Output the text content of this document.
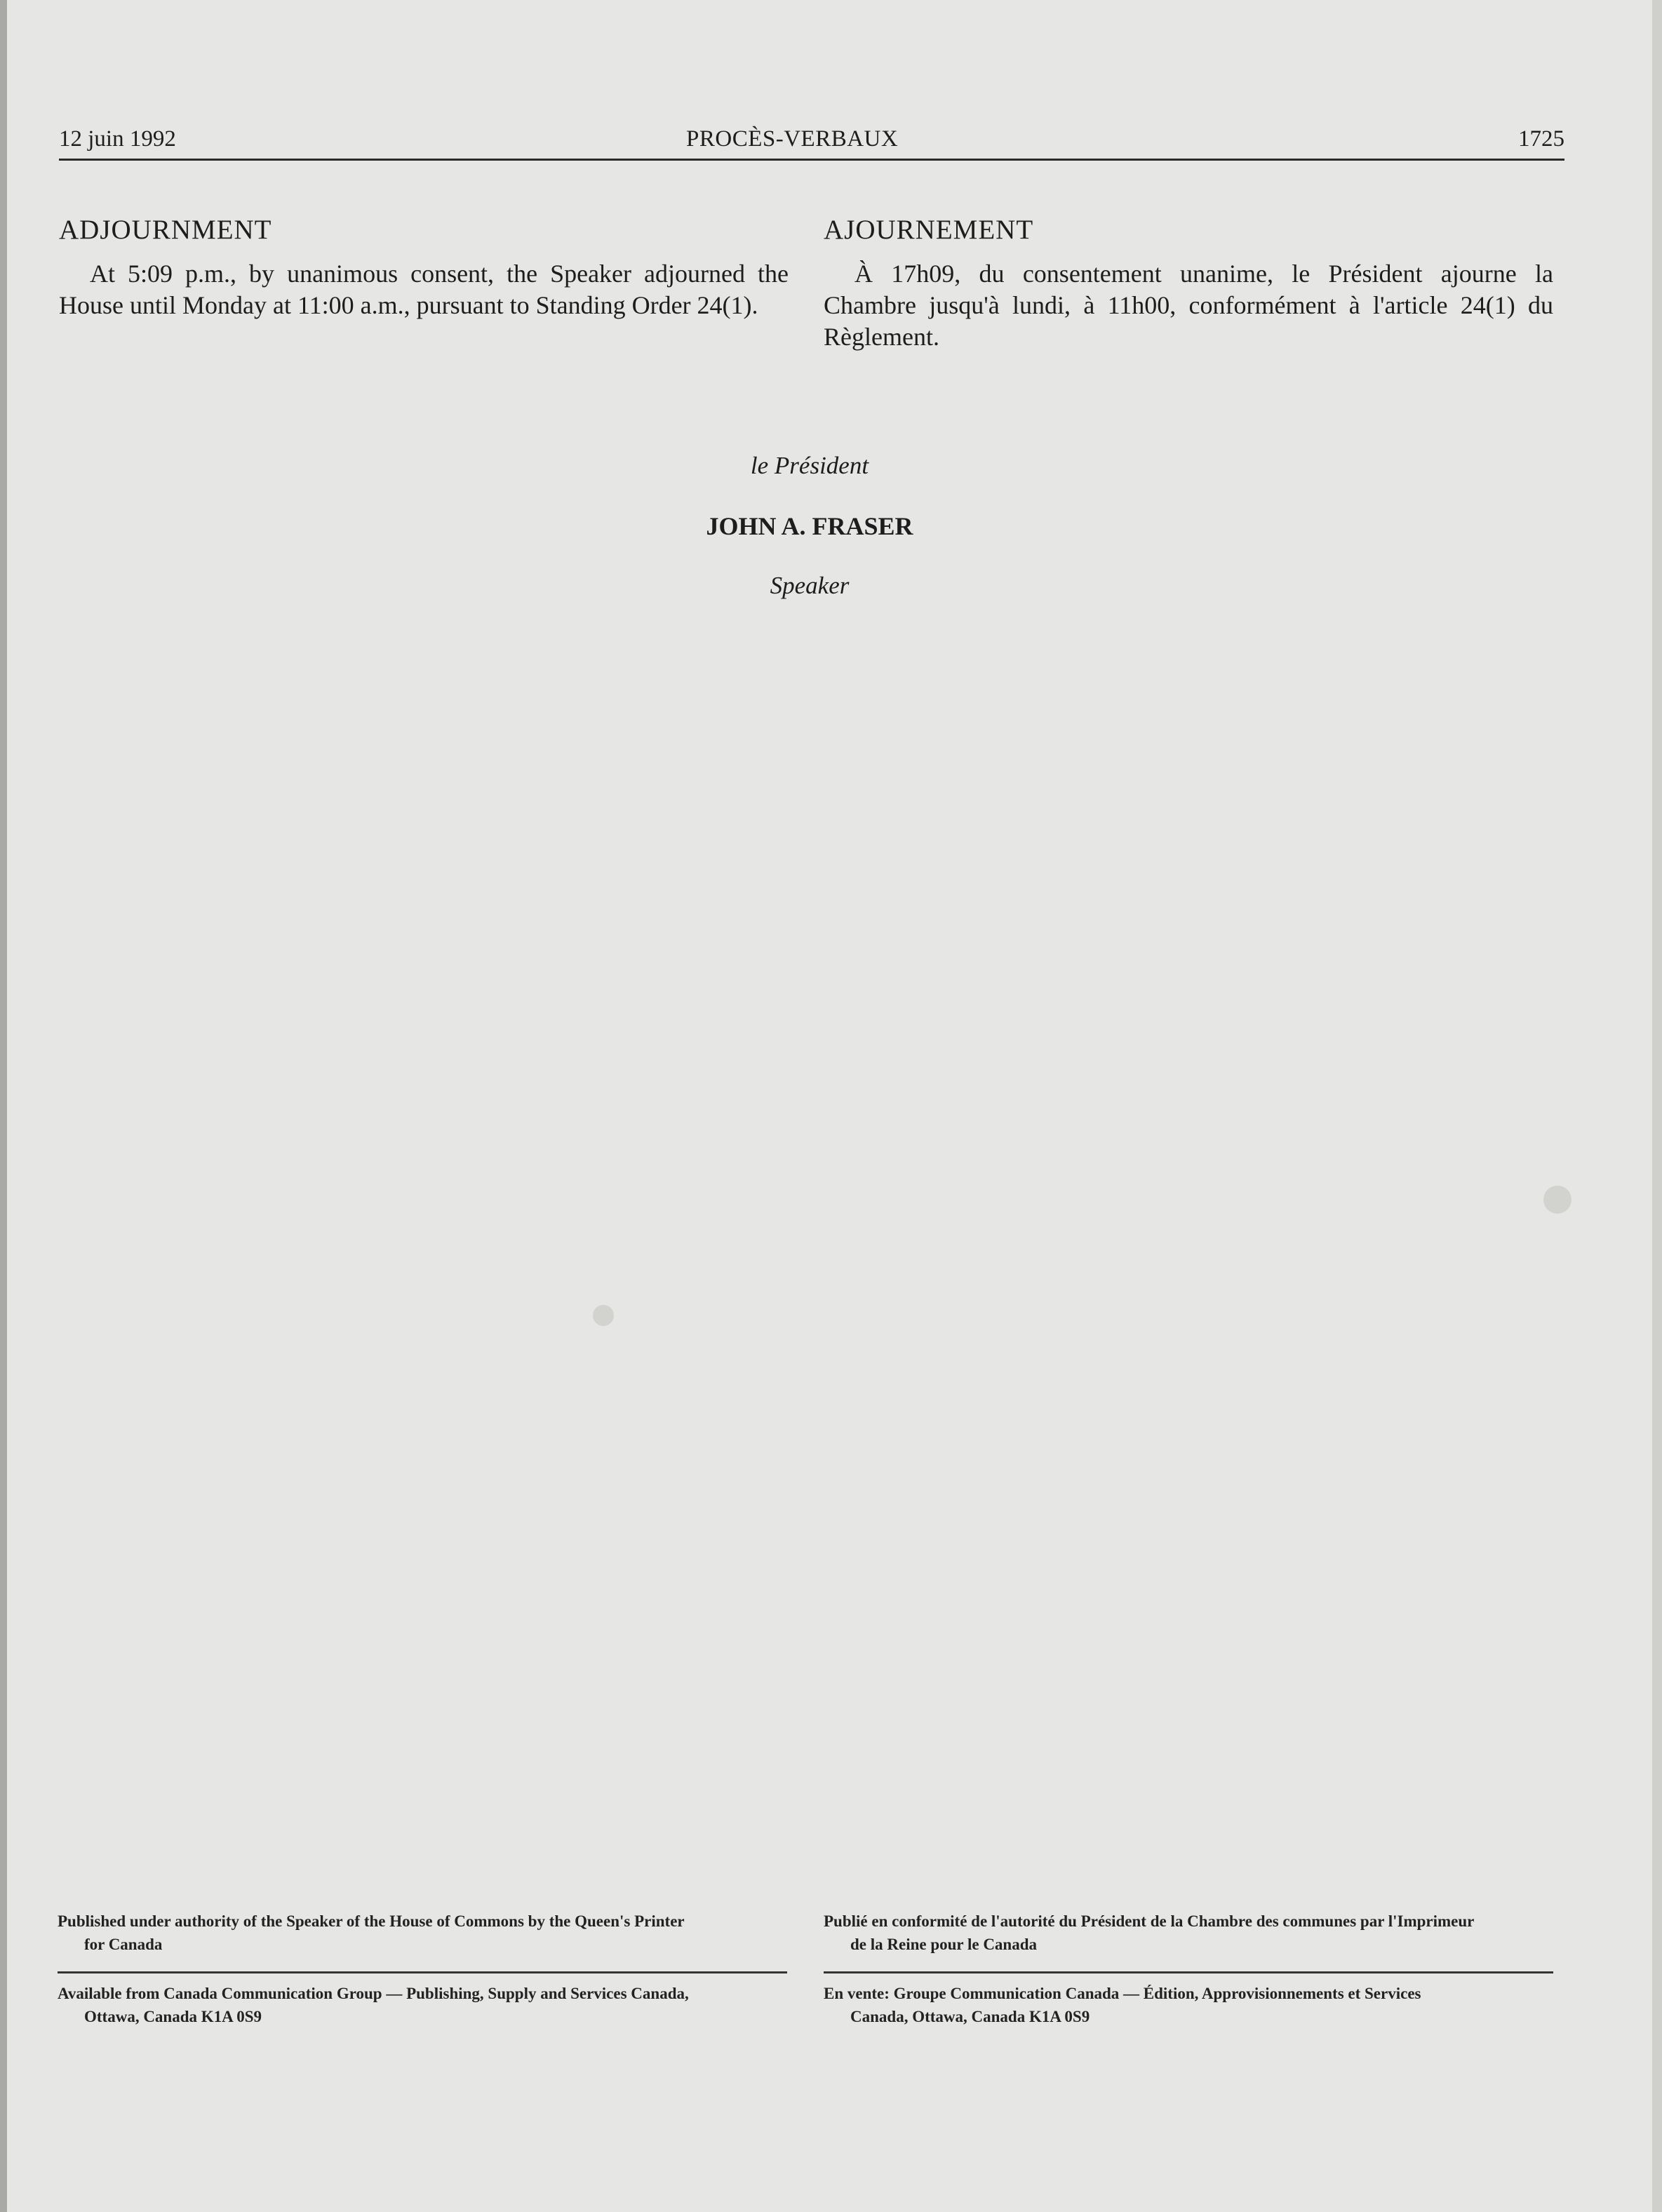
12 juin 1992	PROCÈS-VERBAUX	1725
ADJOURNMENT

At 5:09 p.m., by unanimous consent, the Speaker adjourned the House until Monday at 11:00 a.m., pursuant to Standing Order 24(1).

AJOURNEMENT

À 17h09, du consentement unanime, le Président ajourne la Chambre jusqu'à lundi, à 11h00, conformément à l'article 24(1) du Règlement.

le Président
JOHN A. FRASER
Speaker
Published under authority of the Speaker of the House of Commons by the Queen's Printer
for Canada
Publié en conformité de l'autorité du Président de la Chambre des communes par l'Imprimeur
de la Reine pour le Canada
Available from Canada Communication Group — Publishing, Supply and Services Canada,
Ottawa, Canada K1A 0S9
En vente: Groupe Communication Canada — Édition, Approvisionnements et Services
Canada, Ottawa, Canada K1A 0S9
